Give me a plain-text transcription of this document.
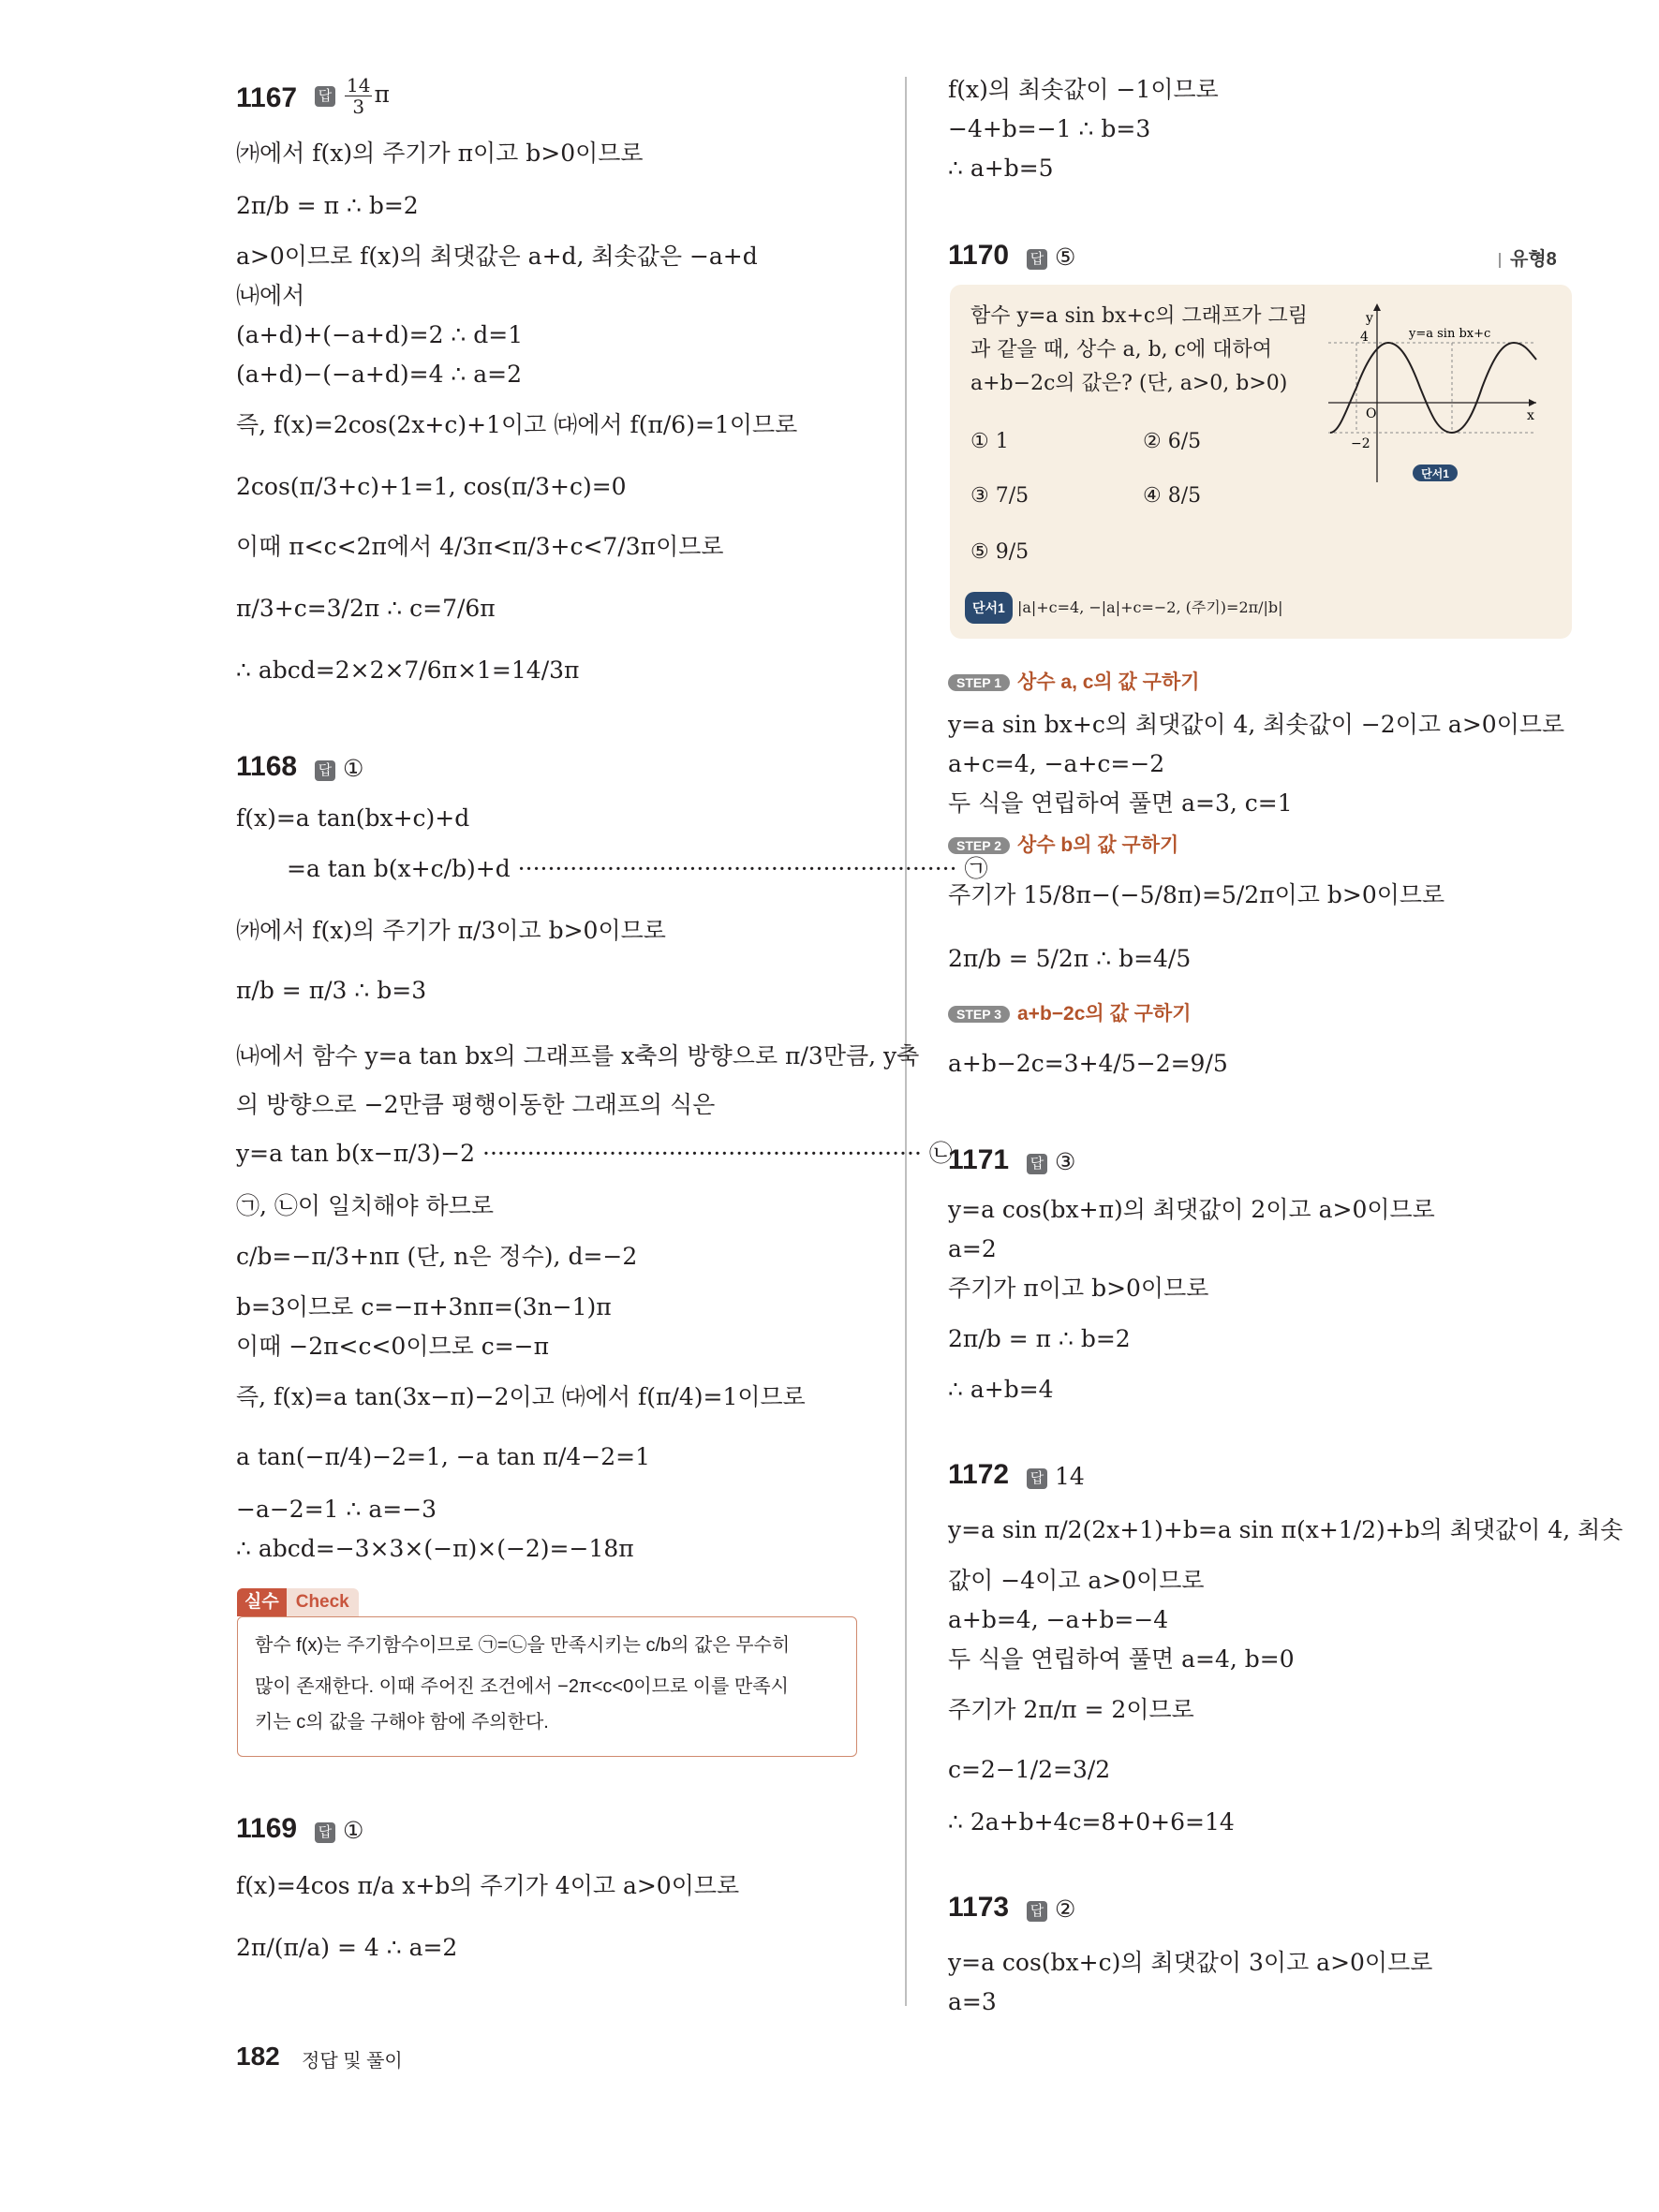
1167 답 $\frac{14}{3}$ π
㈎에서 f(x)의 주기가 π이고 b>0이므로
2π/b = π ∴ b=2
a>0이므로 f(x)의 최댓값은 a+d, 최솟값은 −a+d
㈏에서
(a+d)+(−a+d)=2 ∴ d=1
(a+d)−(−a+d)=4 ∴ a=2
즉, f(x)=2cos(2x+c)+1이고 ㈐에서 f(π/6)=1이므로
2cos(π/3+c)+1=1, cos(π/3+c)=0
이때 π<c<2π에서 4/3π<π/3+c<7/3π이므로
π/3+c=3/2π ∴ c=7/6π
∴ abcd=2×2×7/6π×1=14/3π
1168 답 ①
f(x)=a tan(bx+c)+d
=a tan b(x+c/b)+d ··························································· ㉠
㈎에서 f(x)의 주기가 π/3이고 b>0이므로
π/b = π/3 ∴ b=3
㈏에서 함수 y=a tan bx의 그래프를 x축의 방향으로 π/3만큼, y축
의 방향으로 −2만큼 평행이동한 그래프의 식은
y=a tan b(x−π/3)−2 ··························································· ㉡
㉠, ㉡이 일치해야 하므로
c/b=−π/3+nπ (단, n은 정수), d=−2
b=3이므로 c=−π+3nπ=(3n−1)π
이때 −2π<c<0이므로 c=−π
즉, f(x)=a tan(3x−π)−2이고 ㈐에서 f(π/4)=1이므로
a tan(−π/4)−2=1, −a tan π/4−2=1
−a−2=1 ∴ a=−3
∴ abcd=−3×3×(−π)×(−2)=−18π
실수 Check
함수 f(x)는 주기함수이므로 ㉠=㉡을 만족시키는 c/b의 값은 무수히
많이 존재한다. 이때 주어진 조건에서 −2π<c<0이므로 이를 만족시
키는 c의 값을 구해야 함에 주의한다.
1169 답 ①
f(x)=4cos π/a x+b의 주기가 4이고 a>0이므로
2π/(π/a) = 4 ∴ a=2
f(x)의 최솟값이 −1이므로
−4+b=−1 ∴ b=3
∴ a+b=5
1170 답 ⑤	유형8
함수 y=a sin bx+c의 그래프가 그림
과 같을 때, 상수 a, b, c에 대하여
a+b−2c의 값은? (단, a>0, b>0)
① 1	② 6/5
③ 7/5	④ 8/5
⑤ 9/5
단서1 |a|+c=4, −|a|+c=−2, (주기)=2π/|b|
y
x
4
−2
O
y=a sin bx+c
단서1
STEP 1 상수 a, c의 값 구하기
y=a sin bx+c의 최댓값이 4, 최솟값이 −2이고 a>0이므로
a+c=4, −a+c=−2
두 식을 연립하여 풀면 a=3, c=1
STEP 2 상수 b의 값 구하기
주기가 15/8π−(−5/8π)=5/2π이고 b>0이므로
2π/b = 5/2π ∴ b=4/5
STEP 3 a+b−2c의 값 구하기
a+b−2c=3+4/5−2=9/5
1171 답 ③
y=a cos(bx+π)의 최댓값이 2이고 a>0이므로
a=2
주기가 π이고 b>0이므로
2π/b = π ∴ b=2
∴ a+b=4
1172 답 14
y=a sin π/2(2x+1)+b=a sin π(x+1/2)+b의 최댓값이 4, 최솟
값이 −4이고 a>0이므로
a+b=4, −a+b=−4
두 식을 연립하여 풀면 a=4, b=0
주기가 2π/π = 2이므로
c=2−1/2=3/2
∴ 2a+b+4c=8+0+6=14
1173 답 ②
y=a cos(bx+c)의 최댓값이 3이고 a>0이므로
a=3
182 정답 및 풀이
